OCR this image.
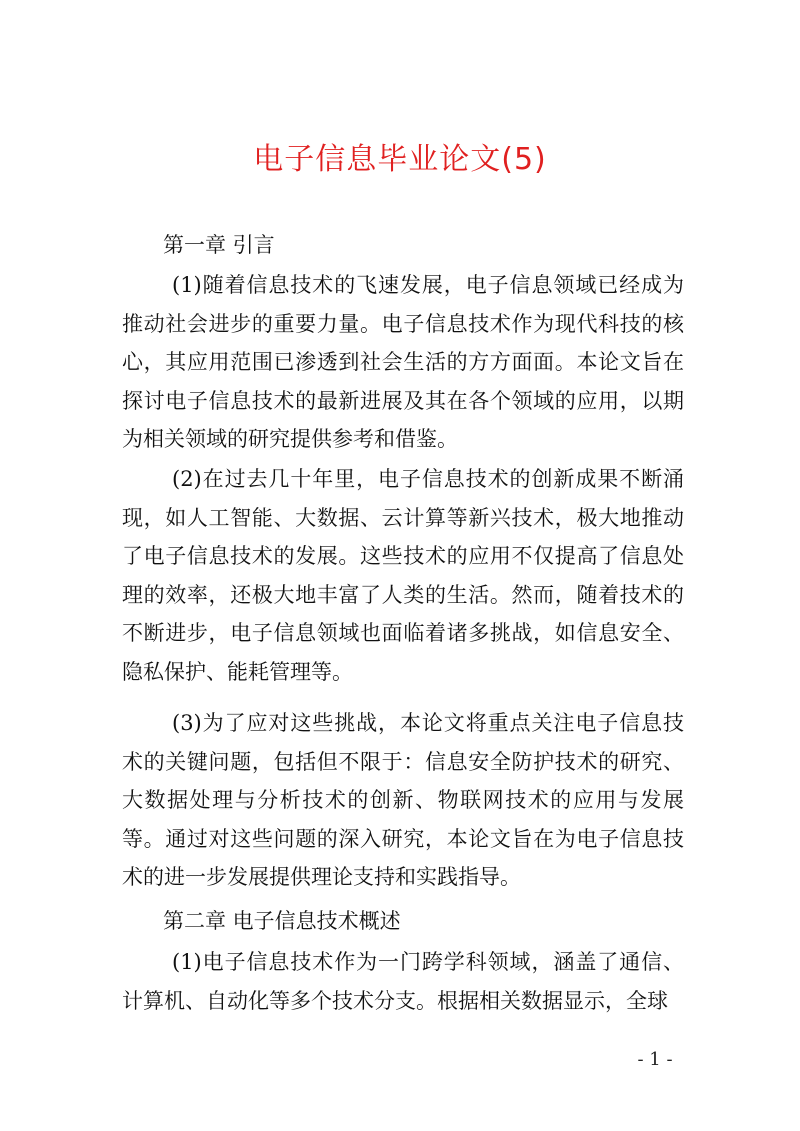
电子信息毕业论文(5)
第一章 引言

(1)随着信息技术的飞速发展，电子信息领域已经成为推动社会进步的重要力量。电子信息技术作为现代科技的核心，其应用范围已渗透到社会生活的方方面面。本论文旨在探讨电子信息技术的最新进展及其在各个领域的应用，以期为相关领域的研究提供参考和借鉴。

(2)在过去几十年里，电子信息技术的创新成果不断涌现，如人工智能、大数据、云计算等新兴技术，极大地推动了电子信息技术的发展。这些技术的应用不仅提高了信息处理的效率，还极大地丰富了人类的生活。然而，随着技术的不断进步，电子信息领域也面临着诸多挑战，如信息安全、隐私保护、能耗管理等。

(3)为了应对这些挑战，本论文将重点关注电子信息技术的关键问题，包括但不限于：信息安全防护技术的研究、大数据处理与分析技术的创新、物联网技术的应用与发展等。通过对这些问题的深入研究，本论文旨在为电子信息技术的进一步发展提供理论支持和实践指导。

第二章 电子信息技术概述

(1)电子信息技术作为一门跨学科领域，涵盖了通信、计算机、自动化等多个技术分支。根据相关数据显示，全球

- 1 -
